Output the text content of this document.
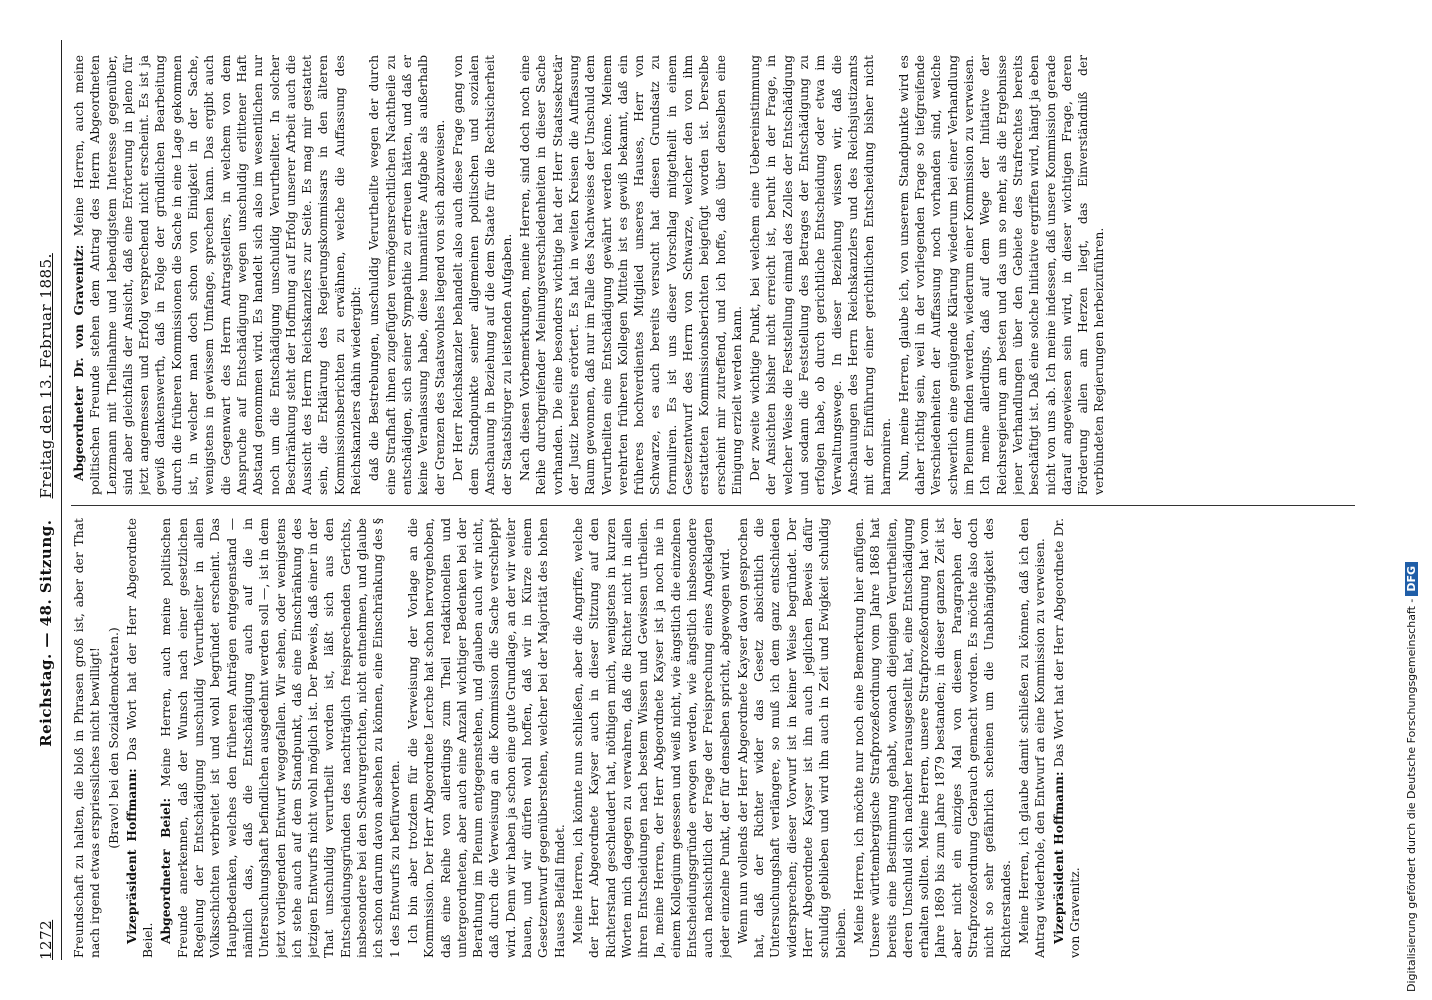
1272
Reichstag. — 48. Sitzung.    Freitag den 13. Februar 1885.

Freundschaft zu halten, die bloß in Phrasen groß ist, aber der That nach irgend etwas erspriessliches nicht bewilligt! (Bravo! bei den Sozialdemokraten.)

Vizepräsident Hoffmann: Das Wort hat der Herr Abgeordnete Beiel. Abgeordneter Beiel: Meine Herren, auch meine politischen Freunde anerkennen, daß der Wunsch nach einer gesetzlichen Regelung der Entschädigung unschuldig Verurtheilter in allen Volksschichten verbreitet ist und wohl begründet erscheint. Das Hauptbedenken, welches den früheren Anträgen entgegenstand — nämlich das, daß die Entschädigung auch auf die in Untersuchungshaft befindlichen ausgedehnt werden soll —, ist in dem jetzt vorliegenden Entwurf weggefallen. Wir sehen, oder wenigstens ich stehe auch auf dem Standpunkt, daß eine Einschränkung des jetzigen Entwurfs nicht wohl möglich ist. Der Beweis, daß einer in der That unschuldig verurtheilt worden ist, läßt sich aus den Entscheidungsgründen des nachträglich freisprechenden Gerichts, insbesondere bei den Schwurgerichten, nicht entnehmen, und glaube ich schon darum davon absehen zu können, eine Einschränkung des § 1 des Entwurfs zu befürworten. Ich bin aber trotzdem für die Verweisung der Vorlage an die Kommission. Der Herr Abgeordnete Lerche hat schon hervorgehoben, daß eine Reihe von allerdings zum Theil redaktionellen und untergeordneten, aber auch eine Anzahl wichtiger Bedenken bei der Berathung im Plenum entgegenstehen, und glauben auch wir nicht, daß durch die Verweisung an die Kommission die Sache verschleppt wird. Denn wir haben ja schon eine gute Grundlage, an der wir weiter bauen, und wir dürfen wohl hoffen, daß wir in Kürze einem Gesetzentwurf gegenüberstehen, welcher bei der Majorität des hohen Hauses Beifall findet. Meine Herren, ich könnte nun schließen, aber die Angriffe, welche der Herr Abgeordnete Kayser auch in dieser Sitzung auf den Richterstand geschleudert hat, nöthigen mich, wenigstens in kurzen Worten mich dagegen zu verwahren, daß die Richter nicht in allen ihren Entscheidungen nach bestem Wissen und Gewissen urtheilen. Ja, meine Herren, der Herr Abgeordnete Kayser ist ja noch nie in einem Kollegium gesessen und weiß nicht, wie ängstlich die einzelnen Entscheidungsgründe erwogen werden, wie ängstlich insbesondere auch nachsichtlich der Frage der Freisprechung eines Angeklagten jeder einzelne Punkt, der für denselben spricht, abgewogen wird. Wenn nun vollends der Herr Abgeordnete Kayser davon gesprochen hat, daß der Richter wider das Gesetz absichtlich die Untersuchungshaft verlängere, so muß ich dem ganz entschieden widersprechen; dieser Vorwurf ist in keiner Weise begründet. Der Herr Abgeordnete Kayser ist ihn auch jeglichen Beweis dafür schuldig geblieben und wird ihn auch in Zeit und Ewigkeit schuldig bleiben. Meine Herren, ich möchte nur noch eine Bemerkung hier anfügen. Unsere württembergische Strafprozeßordnung vom Jahre 1868 hat bereits eine Bestimmung gehabt, wonach diejenigen Verurtheilten, deren Unschuld sich nachher herausgestellt hat, eine Entschädigung erhalten sollten. Meine Herren, unsere Strafprozeßordnung hat vom Jahre 1869 bis zum Jahre 1879 bestanden; in dieser ganzen Zeit ist aber nicht ein einziges Mal von diesem Paragraphen der Strafprozeßordnung Gebrauch gemacht worden. Es möchte also doch nicht so sehr gefährlich scheinen um die Unabhängigkeit des Richterstandes. Meine Herren, ich glaube damit schließen zu können, daß ich den Antrag wiederhole, den Entwurf an eine Kommission zu verweisen. Vizepräsident Hoffmann: Das Wort hat der Herr Abgeordnete Dr. von Gravenitz.

Abgeordneter Dr. von Gravenitz: Meine Herren, auch meine politischen Freunde stehen dem Antrag des Herrn Abgeordneten Lenzmann mit Theilnahme und lebendigstem Interesse gegenüber, sind aber gleichfalls der Ansicht, daß eine Erörterung in pleno für jetzt angemessen und Erfolg versprechend nicht erscheint. Es ist ja gewiß dankenswerth, daß in Folge der gründlichen Bearbeitung durch die früheren Kommissionen die Sache in eine Lage gekommen ist, in welcher man doch schon von Einigkeit in der Sache, wenigstens in gewissem Umfange, sprechen kann. Das ergibt auch die Gegenwart des Herrn Antragstellers, in welchem von dem Anspruche auf Entschädigung wegen unschuldig erlittener Haft Abstand genommen wird. Es handelt sich also im wesentlichen nur noch um die Entschädigung unschuldig Verurtheilter. In solcher Beschränkung steht der Hoffnung auf Erfolg unserer Arbeit auch die Aussicht des Herrn Reichskanzlers zur Seite. Es mag mir gestattet sein, die Erklärung des Regierungskommissars in den älteren Kommissionsberichten zu erwähnen, welche die Auffassung des Reichskanzlers dahin wiedergibt: daß die Bestrebungen, unschuldig Verurtheilte wegen der durch eine Strafhaft ihnen zugefügten vermögensrechtlichen Nachtheile zu entschädigen, sich seiner Sympathie zu erfreuen hätten, und daß er keine Veranlassung habe, diese humanitäre Aufgabe als außerhalb der Grenzen des Staatswohles liegend von sich abzuweisen. Der Herr Reichskanzler behandelt also auch diese Frage gang von dem Standpunkte seiner allgemeinen politischen und sozialen Anschauung in Beziehung auf die dem Staate für die Rechtsicherheit der Staatsbürger zu leistenden Aufgaben. Nach diesen Vorbemerkungen, meine Herren, sind doch noch eine Reihe durchgreifender Meinungsverschiedenheiten in dieser Sache vorhanden. Die eine besonders wichtige hat der Herr Staatssekretär der Justiz bereits erörtert. Es hat in weiten Kreisen die Auffassung Raum gewonnen, daß nur im Falle des Nachweises der Unschuld dem Verurtheilten eine Entschädigung gewährt werden könne. Meinem verehrten früheren Kollegen Mitteln ist es gewiß bekannt, daß ein früheres hochverdientes Mitglied unseres Hauses, Herr von Schwarze, es auch bereits versucht hat diesen Grundsatz zu formuliren. Es ist uns dieser Vorschlag mitgetheilt in einem Gesetzentwurf des Herrn von Schwarze, welcher den von ihm erstatteten Kommissionsberichten beigefügt worden ist. Derselbe erscheint mir zutreffend, und ich hoffe, daß über denselben eine Einigung erzielt werden kann. Der zweite wichtige Punkt, bei welchem eine Uebereinstimmung der Ansichten bisher nicht erreicht ist, beruht in der Frage, in welcher Weise die Feststellung einmal des Zolles der Entschädigung und sodann die Feststellung des Betrages der Entschädigung zu erfolgen habe, ob durch gerichtliche Entscheidung oder etwa im Verwaltungswege. In dieser Beziehung wissen wir, daß die Anschauungen des Herrn Reichskanzlers und des Reichsjustizamts mit der Einführung einer gerichtlichen Entscheidung bisher nicht harmoniren. Nun, meine Herren, glaube ich, von unserem Standpunkte wird es daher richtig sein, weil in der vorliegenden Frage so tiefgreifende Verschiedenheiten der Auffassung noch vorhanden sind, welche schwerlich eine genügende Klärung wiederum bei einer Verhandlung im Plenum finden werden, wiederum einer Kommission zu verweisen. Ich meine allerdings, daß auf dem Wege der Initiative der Reichsregierung am besten und das um so mehr, als die Ergebnisse jener Verhandlungen über den Gebiete des Strafrechtes bereits beschäftigt ist. Daß eine solche Initiative ergriffen wird, hängt ja eben nicht von uns ab. Ich meine indessen, daß unsere Kommission gerade darauf angewiesen sein wird, in dieser wichtigen Frage, deren Förderung allen am Herzen liegt, das Einverständniß der verbündeten Regierungen herbeizuführen.

Digitalisierung gefördert durch die Deutsche Forschungsgemeinschaft -DFG
